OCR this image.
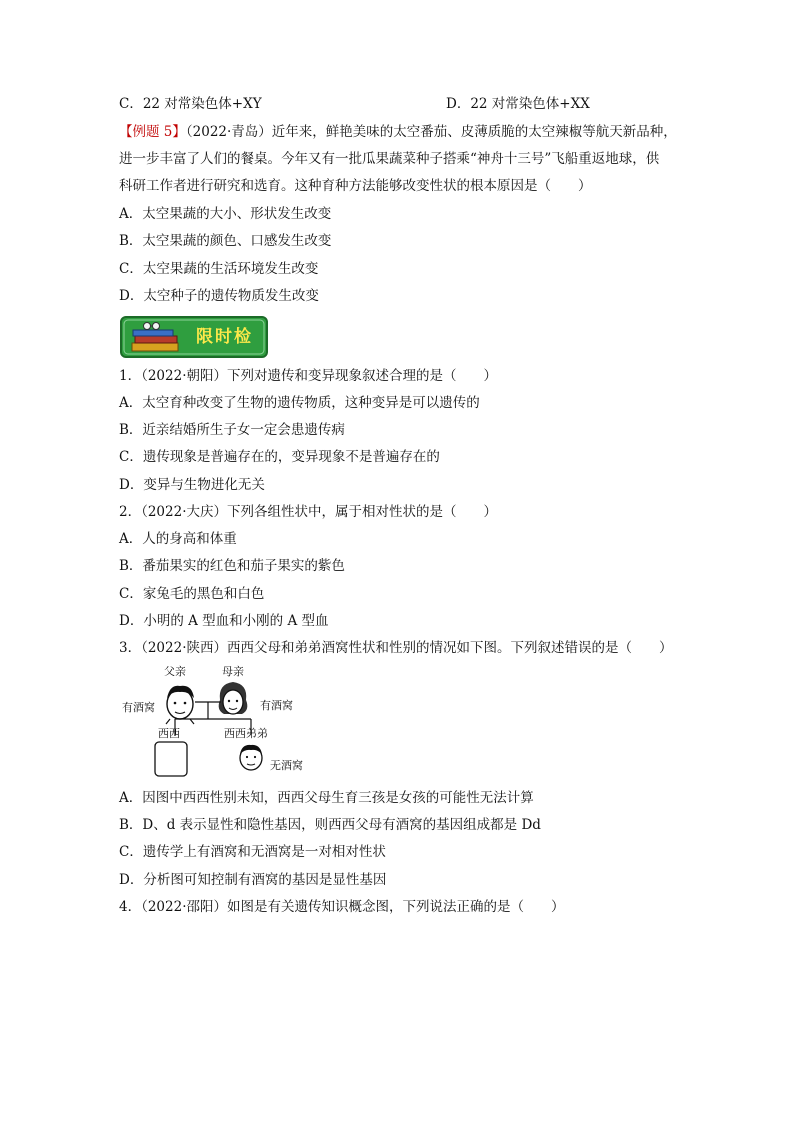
C．22 对常染色体+XY	D．22 对常染色体+XX
【例题 5】（2022·青岛）近年来，鲜艳美味的太空番茄、皮薄质脆的太空辣椒等航天新品种，
进一步丰富了人们的餐桌。今年又有一批瓜果蔬菜种子搭乘“神舟十三号”飞船重返地球，供
科研工作者进行研究和选育。这种育种方法能够改变性状的根本原因是（　　）
A．太空果蔬的大小、形状发生改变
B．太空果蔬的颜色、口感发生改变
C．太空果蔬的生活环境发生改变
D．太空种子的遗传物质发生改变
限时检
1．（2022·朝阳）下列对遗传和变异现象叙述合理的是（　　）
A．太空育种改变了生物的遗传物质，这种变异是可以遗传的
B．近亲结婚所生子女一定会患遗传病
C．遗传现象是普遍存在的，变异现象不是普遍存在的
D．变异与生物进化无关
2．（2022·大庆）下列各组性状中，属于相对性状的是（　　）
A．人的身高和体重
B．番茄果实的红色和茄子果实的紫色
C．家兔毛的黑色和白色
D．小明的 A 型血和小刚的 A 型血
3．（2022·陕西）西西父母和弟弟酒窝性状和性别的情况如下图。下列叙述错误的是（　　）
父亲	母亲
有酒窝	有酒窝
西西	西西弟弟
无酒窝
A．因图中西西性别未知，西西父母生育三孩是女孩的可能性无法计算
B．D、d 表示显性和隐性基因，则西西父母有酒窝的基因组成都是 Dd
C．遗传学上有酒窝和无酒窝是一对相对性状
D．分析图可知控制有酒窝的基因是显性基因
4．（2022·邵阳）如图是有关遗传知识概念图，下列说法正确的是（　　）
